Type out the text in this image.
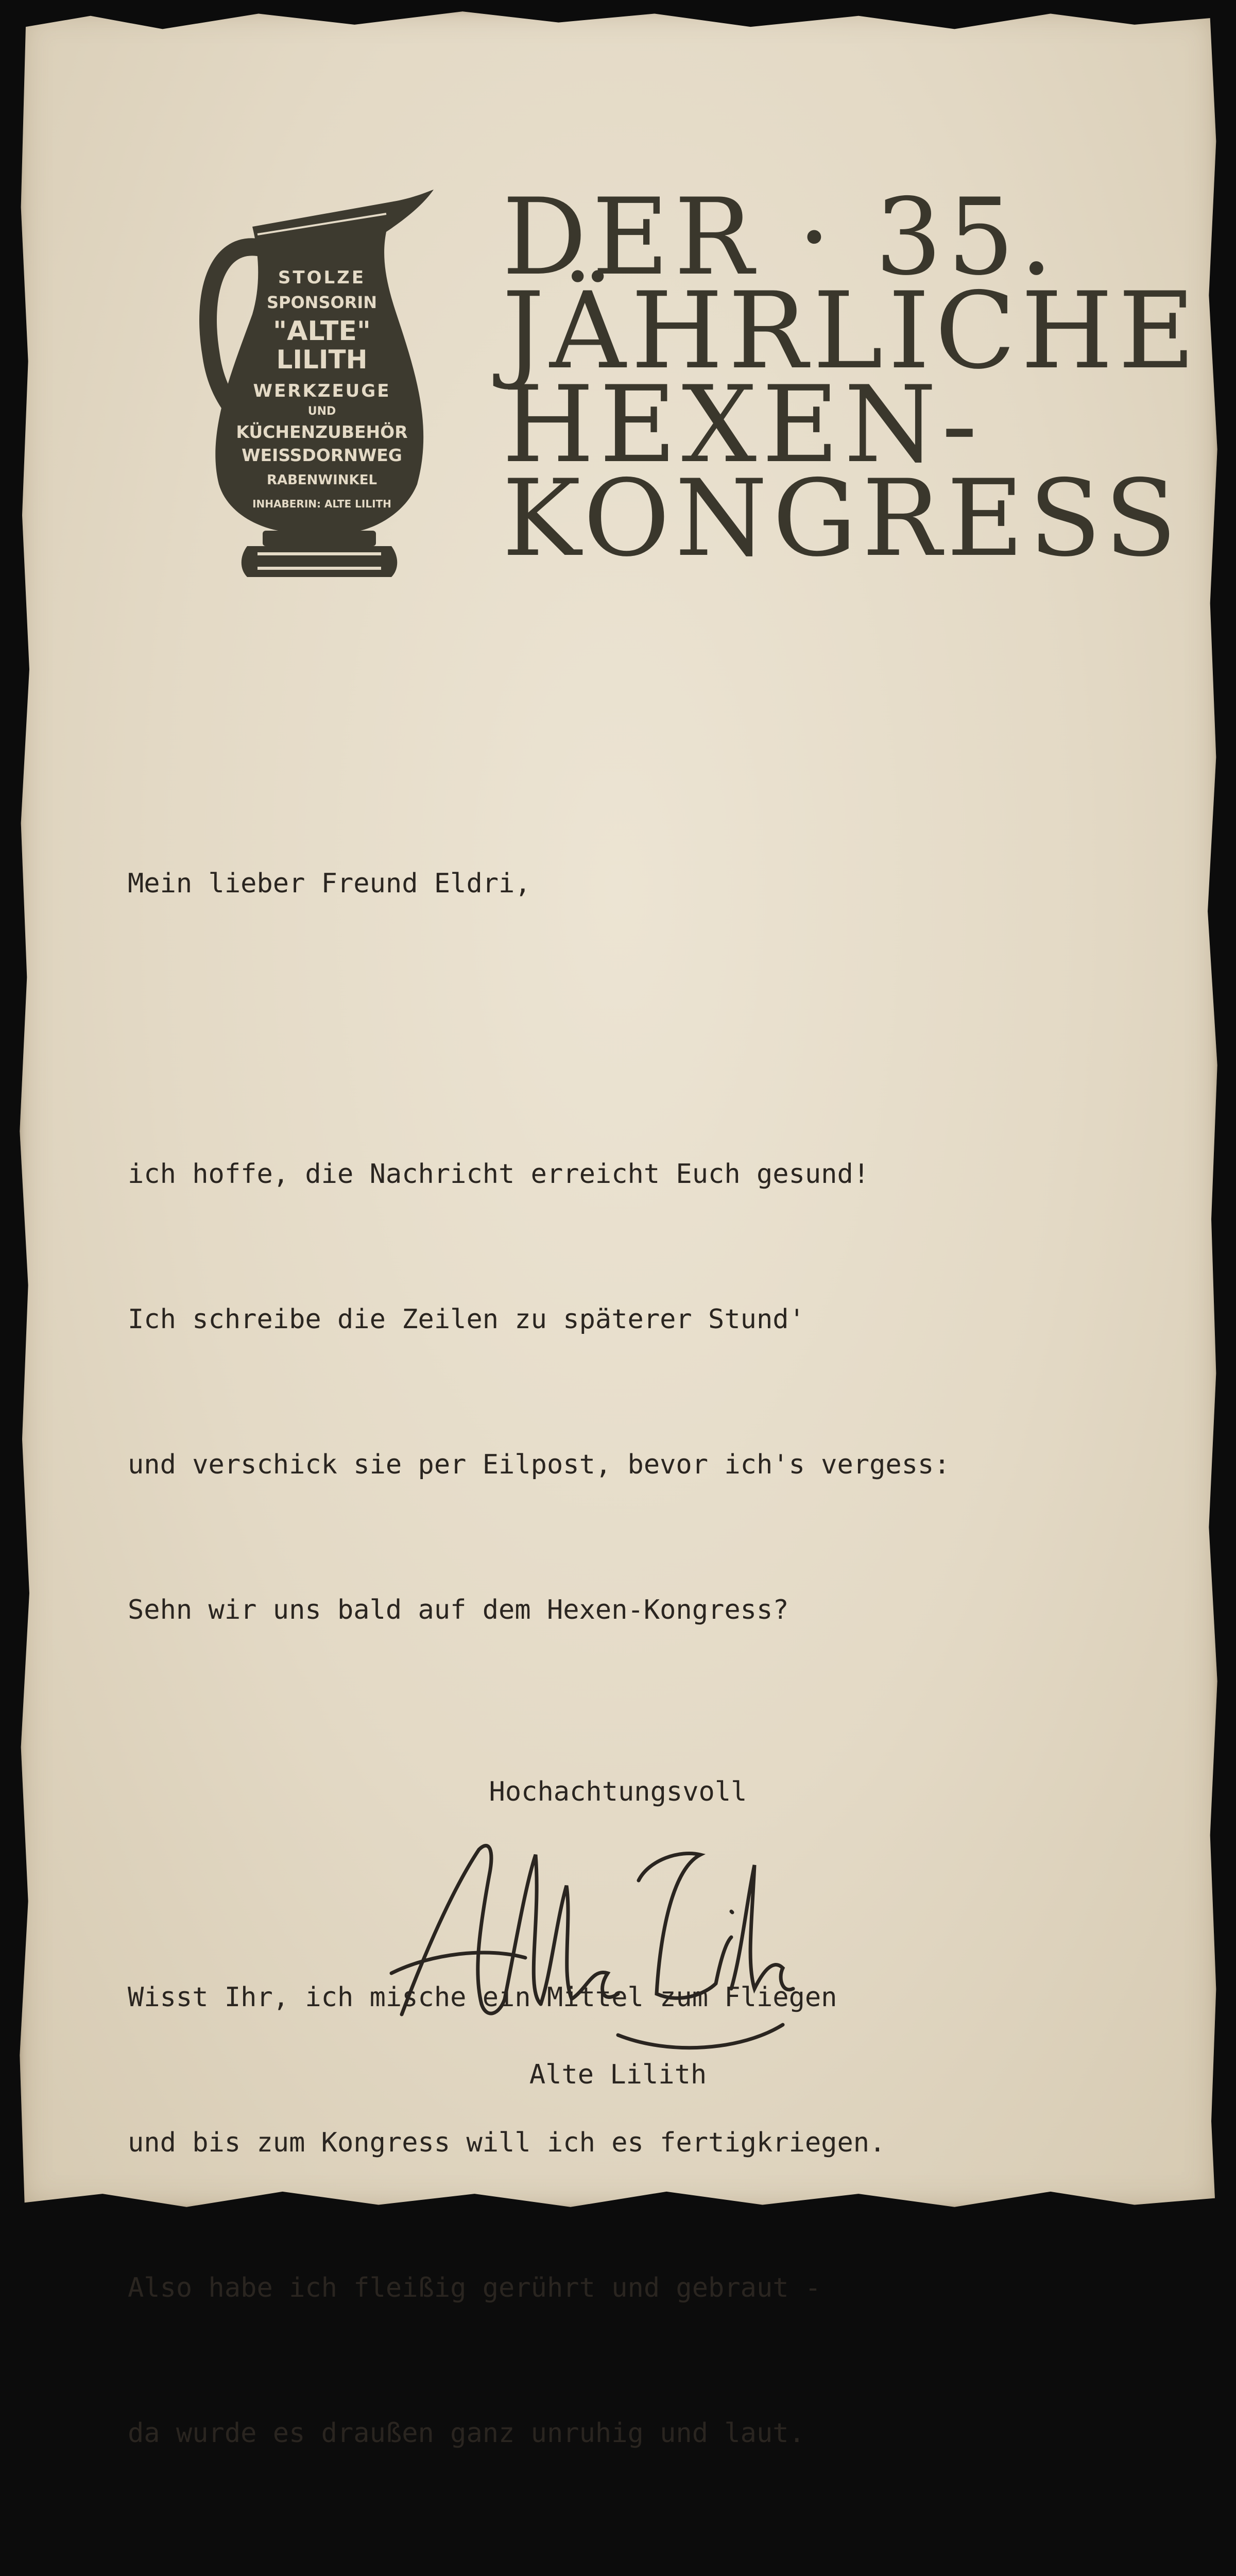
STOLZE
SPONSORIN
"ALTE"
LILITH
WERKZEUGE
UND
KÜCHENZUBEHÖR
WEISSDORNWEG
RABENWINKEL
INHABERIN: ALTE LILITH
DER · 35.
JÄHRLICHE
HEXEN-
KONGRESS

Mein lieber Freund Eldri,

ich hoffe, die Nachricht erreicht Euch gesund!

Ich schreibe die Zeilen zu späterer Stund'

und verschick sie per Eilpost, bevor ich's vergess:

Sehn wir uns bald auf dem Hexen-Kongress?

Wisst Ihr, ich mische ein Mittel zum Fliegen

und bis zum Kongress will ich es fertigkriegen.

Also habe ich fleißig gerührt und gebraut -

da wurde es draußen ganz unruhig und laut.

Hochachtungsvoll
Alte Lilith
